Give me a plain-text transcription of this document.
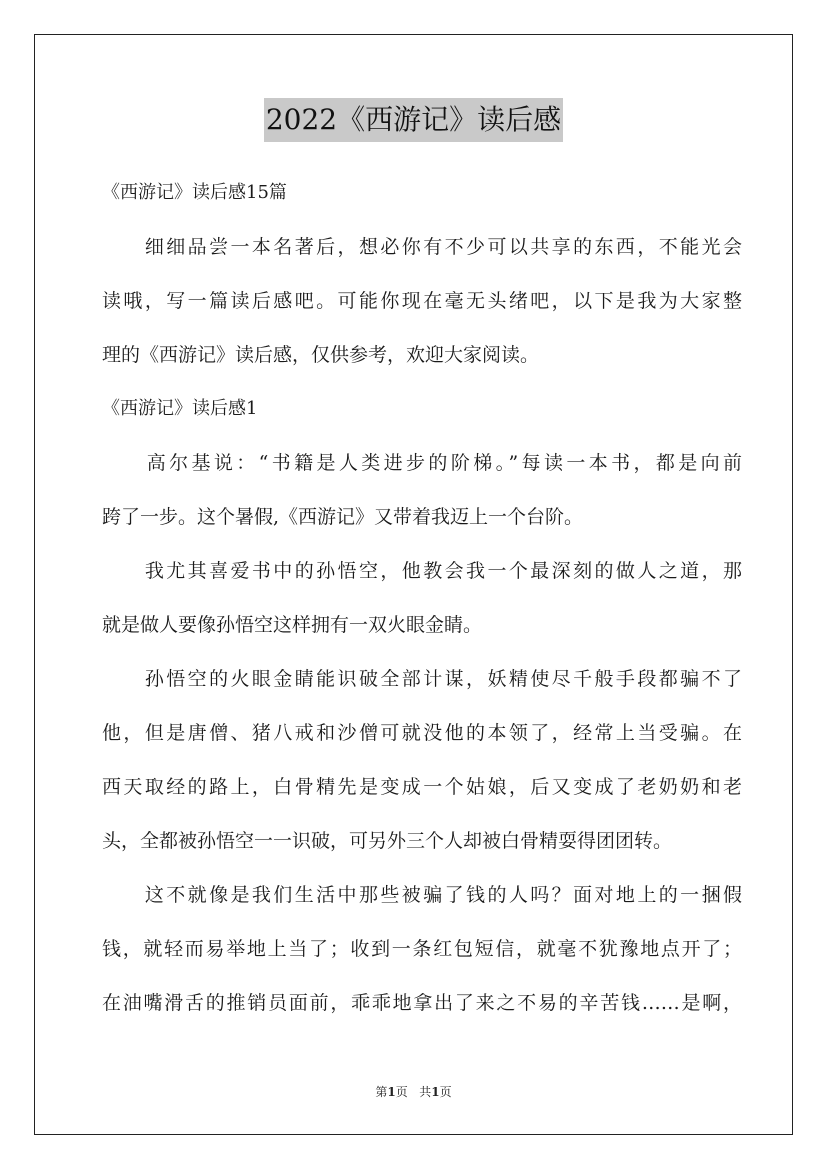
2022《西游记》读后感
《西游记》读后感15篇
　　细细品尝一本名著后，想必你有不少可以共享的东西，不能光会
读哦，写一篇读后感吧。可能你现在毫无头绪吧，以下是我为大家整
理的《西游记》读后感，仅供参考，欢迎大家阅读。
《西游记》读后感1
　　高尔基说：“书籍是人类进步的阶梯。”每读一本书，都是向前
跨了一步。这个暑假,《西游记》又带着我迈上一个台阶。
　　我尤其喜爱书中的孙悟空，他教会我一个最深刻的做人之道，那
就是做人要像孙悟空这样拥有一双火眼金睛。
　　孙悟空的火眼金睛能识破全部计谋，妖精使尽千般手段都骗不了
他，但是唐僧、猪八戒和沙僧可就没他的本领了，经常上当受骗。在
西天取经的路上，白骨精先是变成一个姑娘，后又变成了老奶奶和老
头，全都被孙悟空一一识破，可另外三个人却被白骨精耍得团团转。
　　这不就像是我们生活中那些被骗了钱的人吗？面对地上的一捆假
钱，就轻而易举地上当了；收到一条红包短信，就毫不犹豫地点开了；
在油嘴滑舌的推销员面前，乖乖地拿出了来之不易的辛苦钱……是啊，
第1页 共1页
